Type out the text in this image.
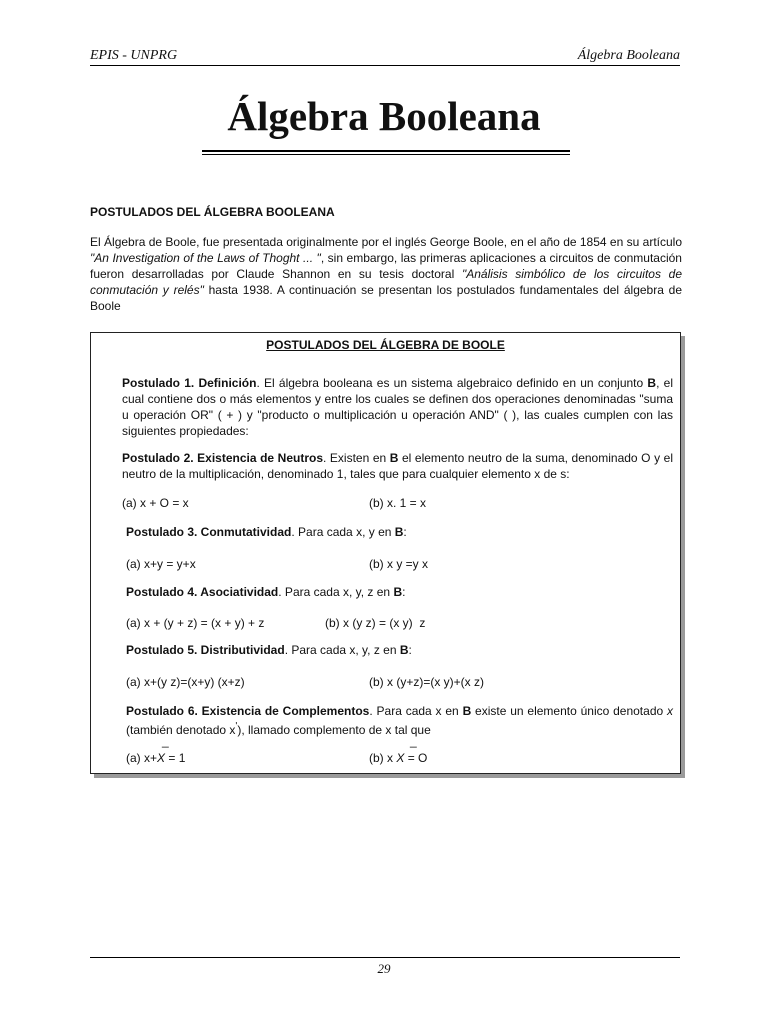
EPIS - UNPRG	Álgebra Booleana
Álgebra Booleana
POSTULADOS DEL ÁLGEBRA BOOLEANA
El Álgebra de Boole, fue presentada originalmente por el inglés George Boole, en el año de 1854 en su artículo "An Investigation of the Laws of Thoght ... ", sin embargo, las primeras aplicaciones a circuitos de conmutación fueron desarrolladas por Claude Shannon en su tesis doctoral "Análisis simbólico de los circuitos de conmutación y relés" hasta 1938. A continuación se presentan los postulados fundamentales del álgebra de Boole
POSTULADOS DEL ÁLGEBRA DE BOOLE
Postulado 1. Definición. El álgebra booleana es un sistema algebraico definido en un conjunto B, el cual contiene dos o más elementos y entre los cuales se definen dos operaciones denominadas "suma u operación OR" ( + ) y "producto o multiplicación u operación AND" ( ), las cuales cumplen con las siguientes propiedades:
Postulado 2. Existencia de Neutros. Existen en B el elemento neutro de la suma, denominado O y el neutro de la multiplicación, denominado 1, tales que para cualquier elemento x de s:
(a) x + O = x	(b) x. 1 = x
Postulado 3. Conmutatividad. Para cada x, y en B:
(a) x+y = y+x	(b) x y =y x
Postulado 4. Asociatividad. Para cada x, y, z en B:
(a) x + (y + z) = (x + y) + z	(b) x (y z) = (x y)  z
Postulado 5. Distributividad. Para cada x, y, z en B:
(a) x+(y z)=(x+y) (x+z)	(b) x (y+z)=(x y)+(x z)
Postulado 6. Existencia de Complementos. Para cada x en B existe un elemento único denotado x (también denotado x'), llamado complemento de x tal que
_
(a) x+X = 1
_
(b) x X = O
29
